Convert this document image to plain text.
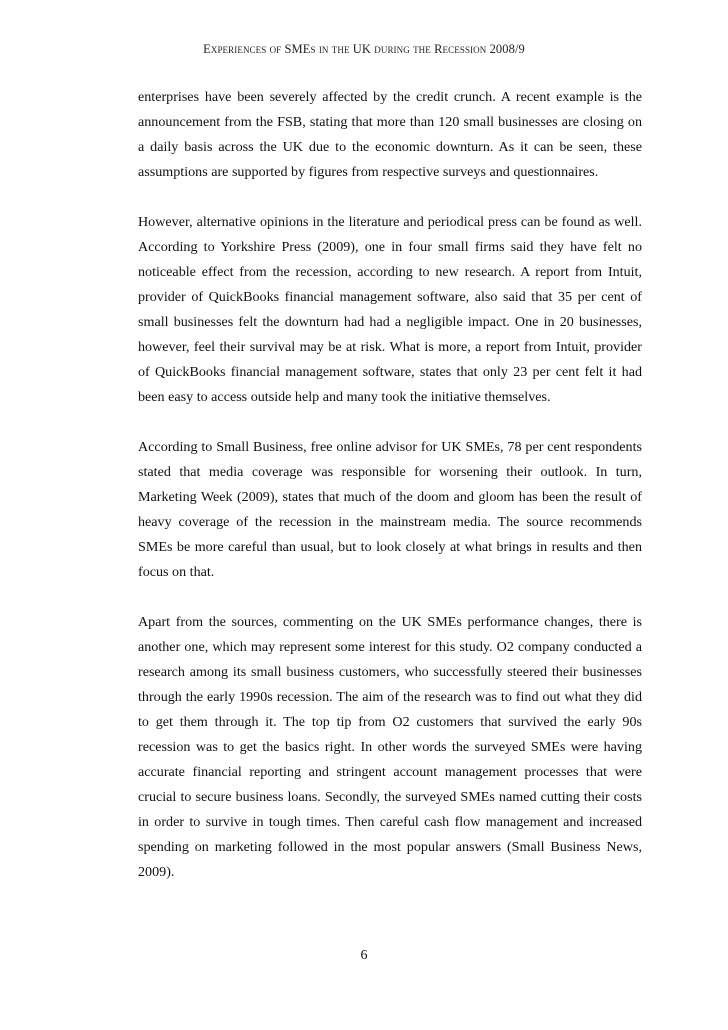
Experiences of SMEs in the UK during the Recession 2008/9

enterprises have been severely affected by the credit crunch. A recent example is the announcement from the FSB, stating that more than 120 small businesses are closing on a daily basis across the UK due to the economic downturn. As it can be seen, these assumptions are supported by figures from respective surveys and questionnaires.

However, alternative opinions in the literature and periodical press can be found as well. According to Yorkshire Press (2009), one in four small firms said they have felt no noticeable effect from the recession, according to new research. A report from Intuit, provider of QuickBooks financial management software, also said that 35 per cent of small businesses felt the downturn had had a negligible impact. One in 20 businesses, however, feel their survival may be at risk. What is more, a report from Intuit, provider of QuickBooks financial management software, states that only 23 per cent felt it had been easy to access outside help and many took the initiative themselves.

According to Small Business, free online advisor for UK SMEs, 78 per cent respondents stated that media coverage was responsible for worsening their outlook. In turn, Marketing Week (2009), states that much of the doom and gloom has been the result of heavy coverage of the recession in the mainstream media. The source recommends SMEs be more careful than usual, but to look closely at what brings in results and then focus on that.

Apart from the sources, commenting on the UK SMEs performance changes, there is another one, which may represent some interest for this study. O2 company conducted a research among its small business customers, who successfully steered their businesses through the early 1990s recession. The aim of the research was to find out what they did to get them through it. The top tip from O2 customers that survived the early 90s recession was to get the basics right. In other words the surveyed SMEs were having accurate financial reporting and stringent account management processes that were crucial to secure business loans. Secondly, the surveyed SMEs named cutting their costs in order to survive in tough times. Then careful cash flow management and increased spending on marketing followed in the most popular answers (Small Business News, 2009).

6
